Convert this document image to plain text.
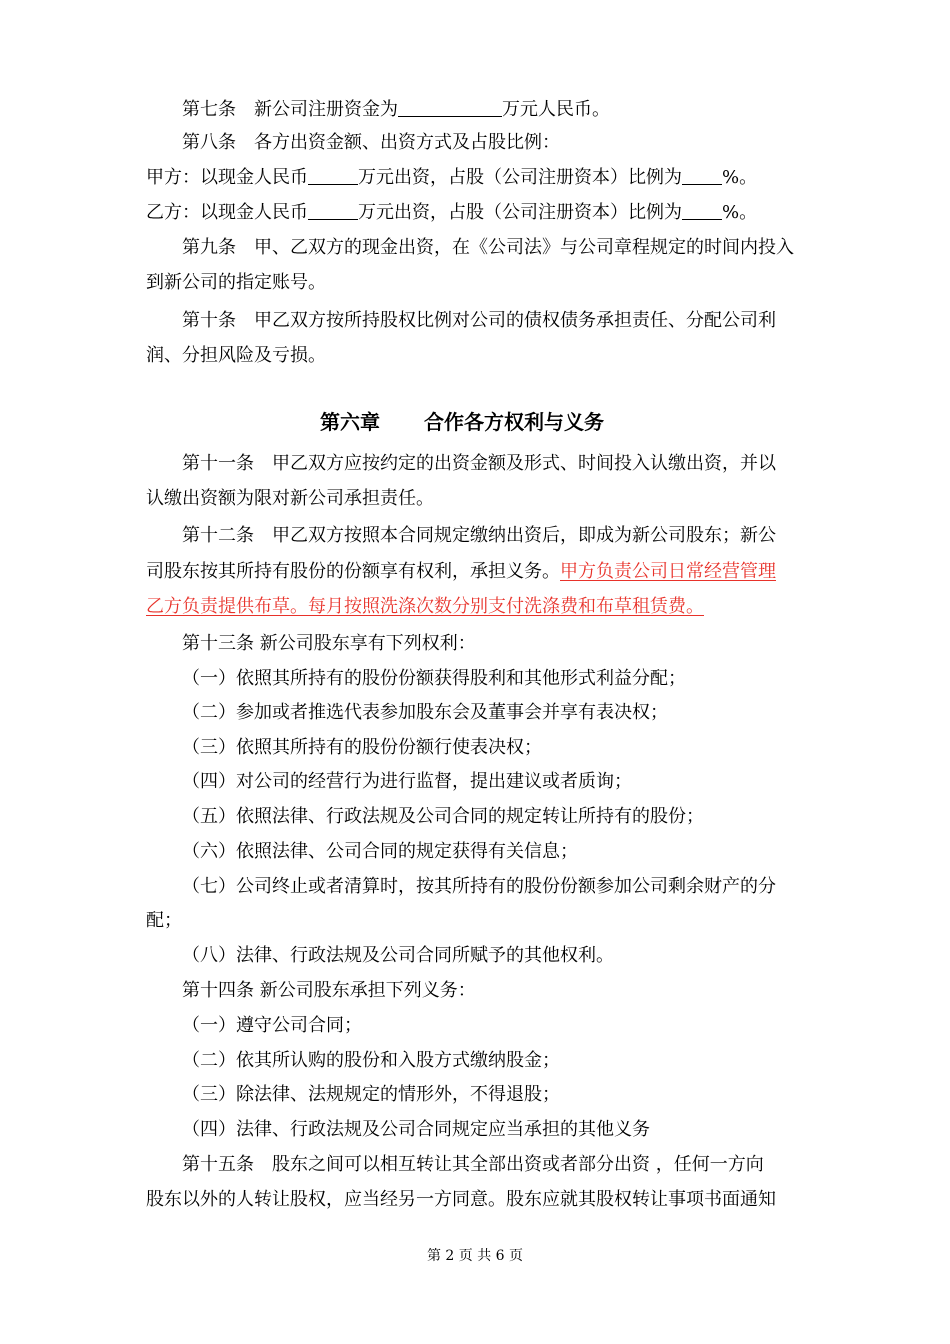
第七条　新公司注册资金为	万元人民币。
第八条　各方出资金额、出资方式及占股比例：
甲方：以现金人民币	万元出资，占股（公司注册资本）比例为 %。
乙方：以现金人民币	万元出资，占股（公司注册资本）比例为 %。
第九条　甲、乙双方的现金出资，在《公司法》与公司章程规定的时间内投入
到新公司的指定账号。
第十条　甲乙双方按所持股权比例对公司的债权债务承担责任、分配公司利
润、分担风险及亏损。
第六章 合作各方权利与义务
第十一条　甲乙双方应按约定的出资金额及形式、时间投入认缴出资，并以
认缴出资额为限对新公司承担责任。
第十二条　甲乙双方按照本合同规定缴纳出资后，即成为新公司股东；新公
司股东按其所持有股份的份额享有权利，承担义务。甲方负责公司日常经营管理
乙方负责提供布草。每月按照洗涤次数分别支付洗涤费和布草租赁费。
第十三条 新公司股东享有下列权利：
（一）依照其所持有的股份份额获得股利和其他形式利益分配；
（二）参加或者推选代表参加股东会及董事会并享有表决权；
（三）依照其所持有的股份份额行使表决权；
（四）对公司的经营行为进行监督，提出建议或者质询；
（五）依照法律、行政法规及公司合同的规定转让所持有的股份；
（六）依照法律、公司合同的规定获得有关信息；
（七）公司终止或者清算时，按其所持有的股份份额参加公司剩余财产的分
配；
（八）法律、行政法规及公司合同所赋予的其他权利。
第十四条 新公司股东承担下列义务：
（一）遵守公司合同；
（二）依其所认购的股份和入股方式缴纳股金；
（三）除法律、法规规定的情形外，不得退股；
（四）法律、行政法规及公司合同规定应当承担的其他义务
第十五条　股东之间可以相互转让其全部出资或者部分出资 ，任何一方向
股东以外的人转让股权，应当经另一方同意。股东应就其股权转让事项书面通知
第 2 页 共 6 页
